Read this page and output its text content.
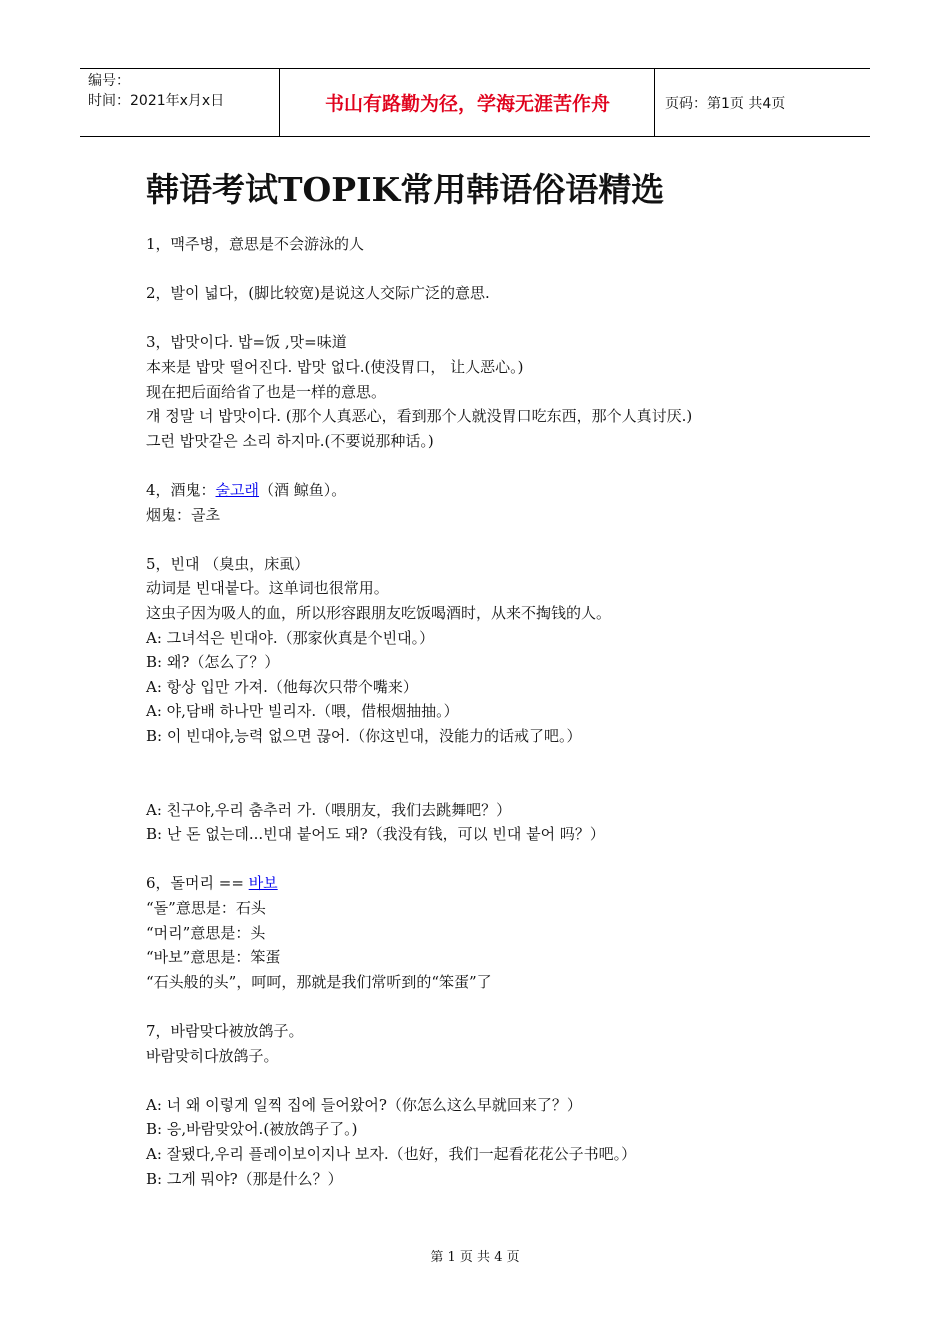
编号：
时间：2021年x月x日	书山有路勤为径，学海无涯苦作舟	页码：第1页 共4页
韩语考试TOPIK常用韩语俗语精选
1，맥주병，意思是不会游泳的人
2，발이 넓다，(脚比较宽)是说这人交际广泛的意思.
3，밥맛이다. 밥=饭 ,맛=味道
本来是 밥맛 떨어진다. 밥맛 없다.(使没胃口， 让人恶心。)
现在把后面给省了也是一样的意思。
걔 정말 너 밥맛이다. (那个人真恶心，看到那个人就没胃口吃东西，那个人真讨厌.)
그런 밥맛같은 소리 하지마.(不要说那种话。)
4，酒鬼：술고래（酒 鲸鱼）。
烟鬼：골초
5，빈대 （臭虫，床虱）
动词是 빈대붙다。这单词也很常用。
这虫子因为吸人的血，所以形容跟朋友吃饭喝酒时，从来不掏钱的人。
A: 그녀석은 빈대야.（那家伙真是个빈대。）
B: 왜?（怎么了？）
A: 항상 입만 가져.（他每次只带个嘴来）
A: 야,담배 하나만 빌리자.（喂，借根烟抽抽。）
B: 이 빈대야,능력 없으면 끊어.（你这빈대，没能力的话戒了吧。）
A: 친구야,우리 춤추러 가.（喂朋友，我们去跳舞吧？）
B: 난 돈 없는데...빈대 붙어도 돼?（我没有钱，可以 빈대 붙어 吗？）
6，돌머리 == 바보
“돌”意思是：石头
“머리”意思是：头
“바보”意思是：笨蛋
“石头般的头”，呵呵，那就是我们常听到的“笨蛋”了
7，바람맞다被放鸽子。
바람맞히다放鸽子。
A: 너 왜 이렇게 일찍 집에 들어왔어?（你怎么这么早就回来了？）
B: 응,바람맞았어.(被放鸽子了。)
A: 잘됐다,우리 플레이보이지나 보자.（也好，我们一起看花花公子书吧。）
B: 그게 뭐야?（那是什么？）
第 1 页 共 4 页
